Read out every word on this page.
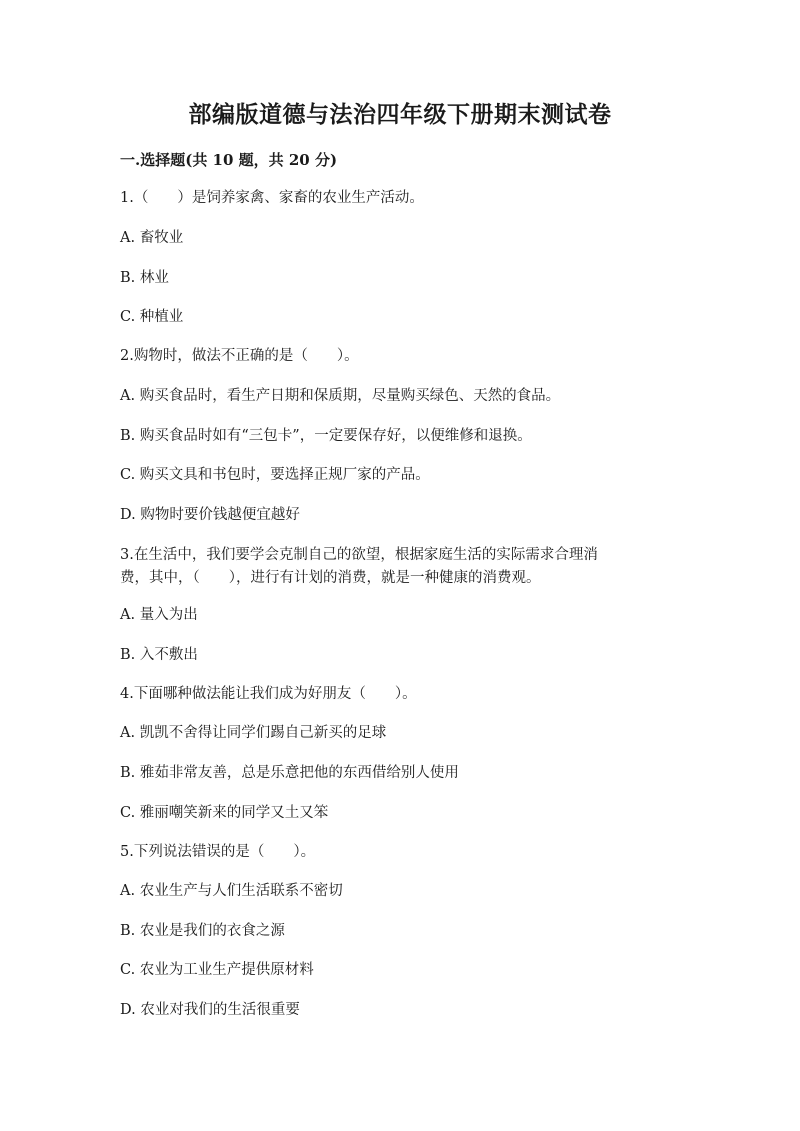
部编版道德与法治四年级下册期末测试卷
一.选择题(共 10 题，共 20 分)
1.（　　）是饲养家禽、家畜的农业生产活动。
A. 畜牧业
B. 林业
C. 种植业
2.购物时，做法不正确的是（　　）。
A. 购买食品时，看生产日期和保质期，尽量购买绿色、天然的食品。
B. 购买食品时如有“三包卡”，一定要保存好，以便维修和退换。
C. 购买文具和书包时，要选择正规厂家的产品。
D. 购物时要价钱越便宜越好
3.在生活中，我们要学会克制自己的欲望，根据家庭生活的实际需求合理消
费，其中，（　　），进行有计划的消费，就是一种健康的消费观。
A. 量入为出
B. 入不敷出
4.下面哪种做法能让我们成为好朋友（　　）。
A. 凯凯不舍得让同学们踢自己新买的足球
B. 雅茹非常友善，总是乐意把他的东西借给别人使用
C. 雅丽嘲笑新来的同学又土又笨
5.下列说法错误的是（　　）。
A. 农业生产与人们生活联系不密切
B. 农业是我们的衣食之源
C. 农业为工业生产提供原材料
D. 农业对我们的生活很重要
